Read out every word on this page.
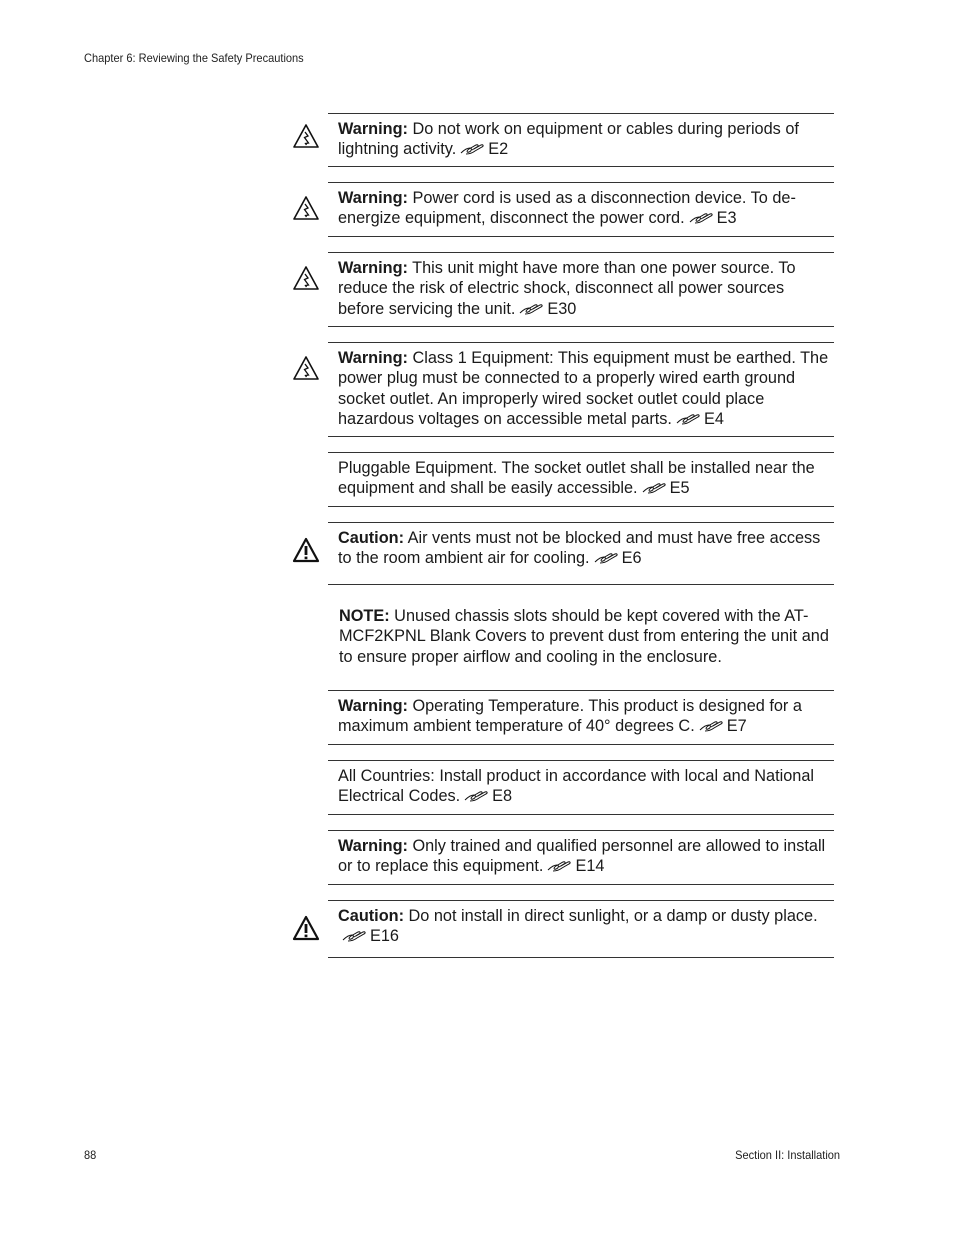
Chapter 6: Reviewing the Safety Precautions
Warning: Do not work on equipment or cables during periods of lightning activity. E2
Warning: Power cord is used as a disconnection device. To de-energize equipment, disconnect the power cord. E3
Warning: This unit might have more than one power source. To reduce the risk of electric shock, disconnect all power sources before servicing the unit. E30
Warning: Class 1 Equipment: This equipment must be earthed. The power plug must be connected to a properly wired earth ground socket outlet. An improperly wired socket outlet could place hazardous voltages on accessible metal parts. E4
Pluggable Equipment. The socket outlet shall be installed near the equipment and shall be easily accessible. E5
Caution: Air vents must not be blocked and must have free access to the room ambient air for cooling. E6
NOTE: Unused chassis slots should be kept covered with the AT-MCF2KPNL Blank Covers to prevent dust from entering the unit and to ensure proper airflow and cooling in the enclosure.
Warning: Operating Temperature. This product is designed for a maximum ambient temperature of 40° degrees C. E7
All Countries: Install product in accordance with local and National Electrical Codes. E8
Warning: Only trained and qualified personnel are allowed to install or to replace this equipment. E14
Caution: Do not install in direct sunlight, or a damp or dusty place.E16
88	Section II: Installation
